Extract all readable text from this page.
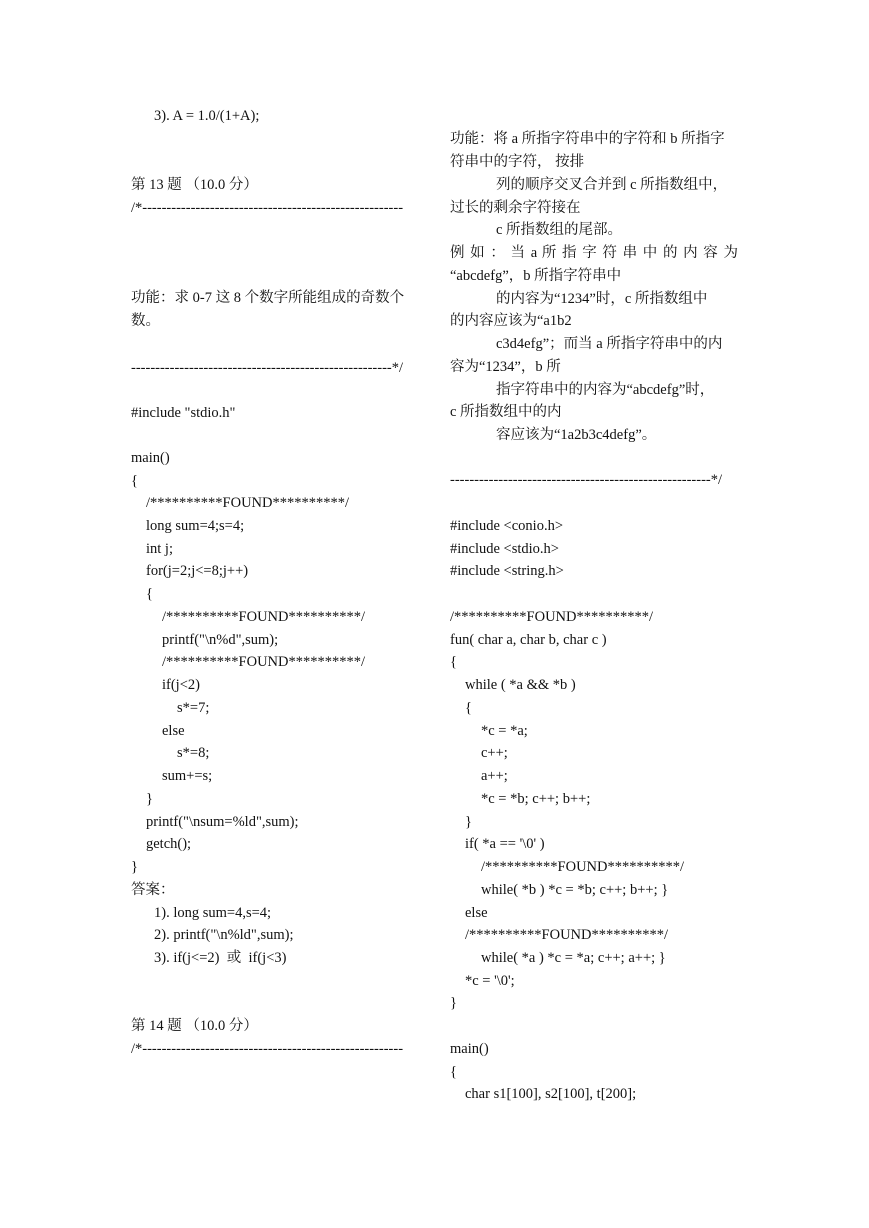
3). A = 1.0/(1+A);
第 13 题 （10.0 分）
/*------------------------------------------------------
功能：求 0-7 这 8 个数字所能组成的奇数个
数。
------------------------------------------------------*/
#include "stdio.h"
main()
{
/**********FOUND**********/
long sum=4;s=4;
int j;
for(j=2;j<=8;j++)
{
/**********FOUND**********/
printf("\n%d",sum);
/**********FOUND**********/
if(j<2)
s*=7;
else
s*=8;
sum+=s;
}
printf("\nsum=%ld",sum);
getch();
}
答案：
1). long sum=4,s=4;
2). printf("\n%ld",sum);
3). if(j<=2)  或  if(j<3)
第 14 题 （10.0 分）
/*------------------------------------------------------
功能：将 a 所指字符串中的字符和 b 所指字
符串中的字符， 按排
列的顺序交叉合并到 c 所指数组中，
过长的剩余字符接在
c 所指数组的尾部。
例 如 ： 当 a 所 指 字 符 串 中 的 内 容 为
“abcdefg”，b 所指字符串中
的内容为“1234”时，c 所指数组中
的内容应该为“a1b2
c3d4efg”；而当 a 所指字符串中的内
容为“1234”，b 所
指字符串中的内容为“abcdefg”时，
c 所指数组中的内
容应该为“1a2b3c4defg”。
------------------------------------------------------*/
#include <conio.h>
#include <stdio.h>
#include <string.h>
/**********FOUND**********/
fun( char a, char b, char c )
{
while ( *a && *b )
{
*c = *a;
c++;
a++;
*c = *b; c++; b++;
}
if( *a == '\0' )
/**********FOUND**********/
while( *b ) *c = *b; c++; b++; }
else
/**********FOUND**********/
while( *a ) *c = *a; c++; a++; }
*c = '\0';
}
main()
{
char s1[100], s2[100], t[200];
